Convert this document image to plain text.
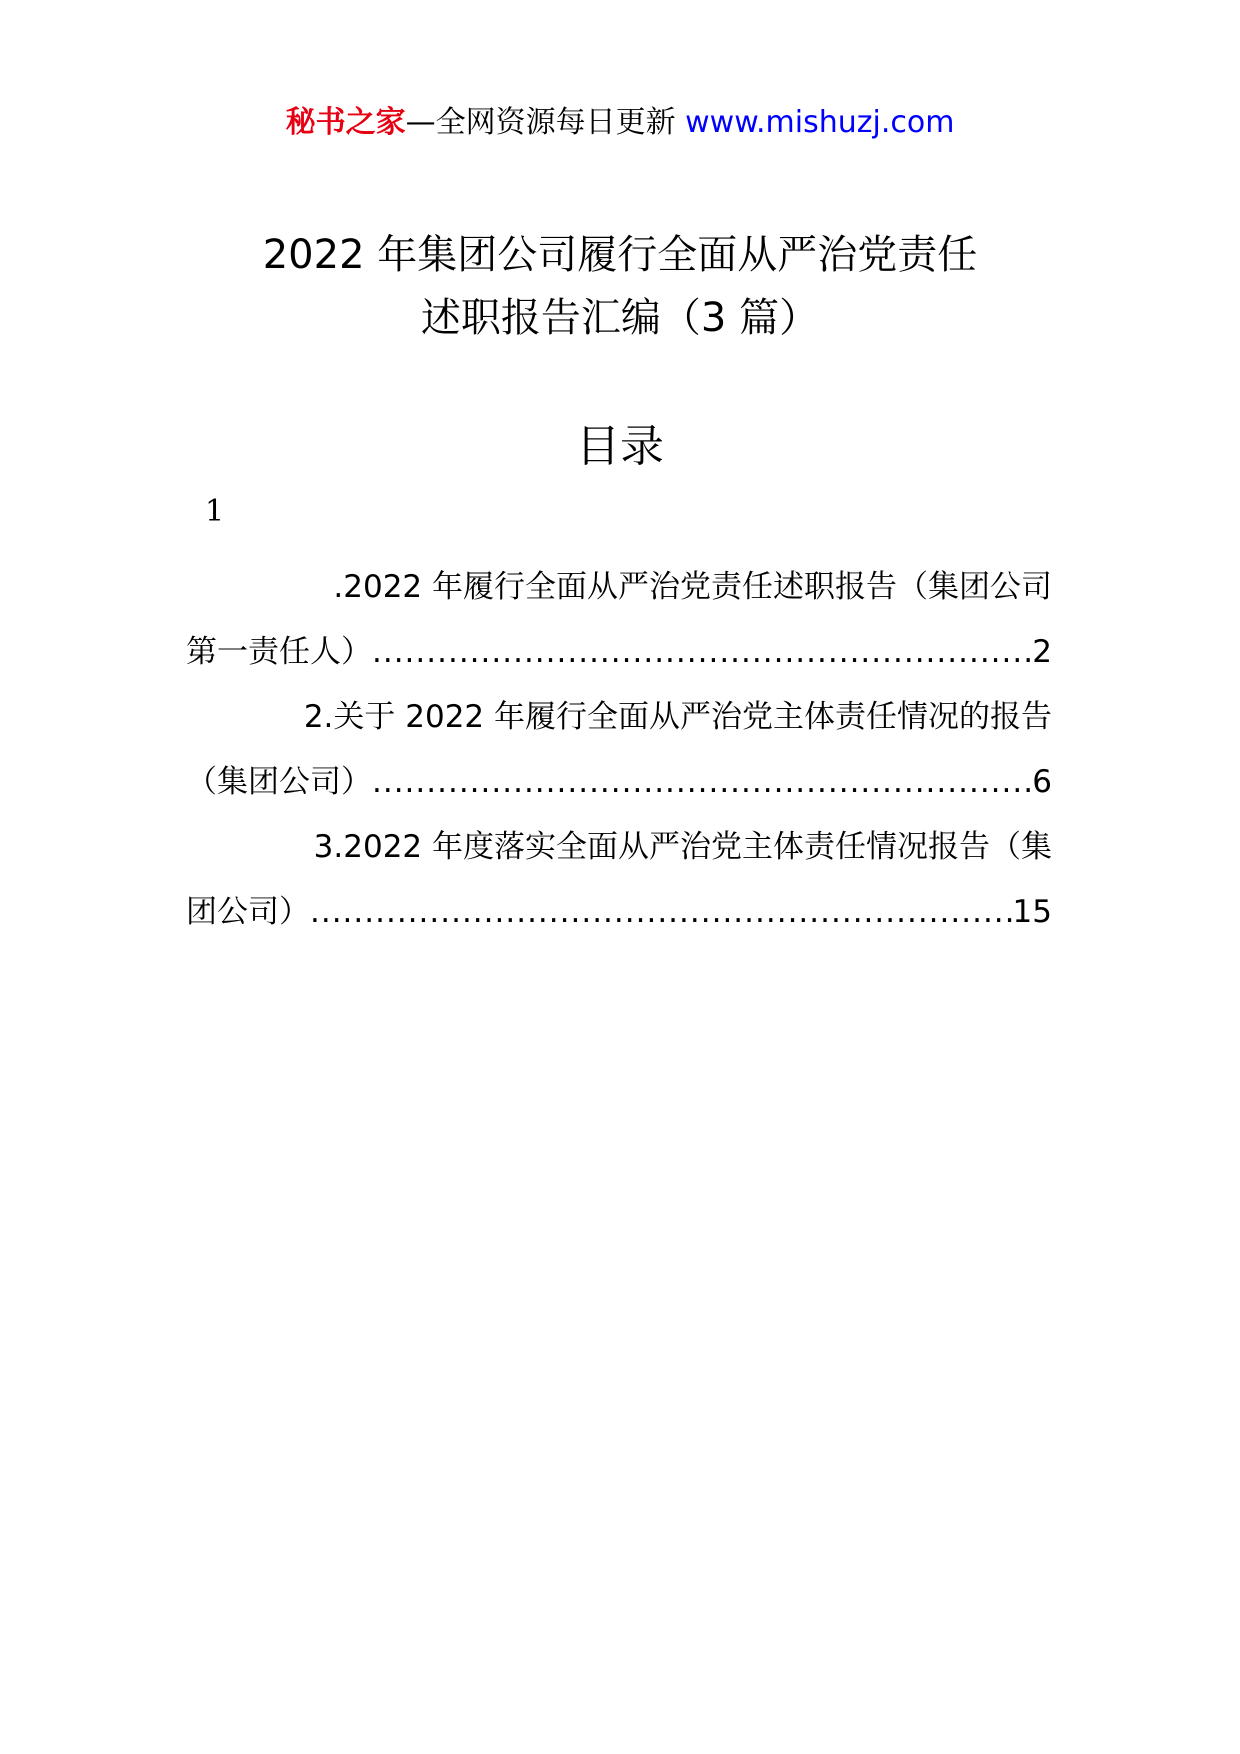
秘书之家—全网资源每日更新 www.mishuzj.com
2022 年集团公司履行全面从严治党责任
述职报告汇编（3 篇）
目录
1
.2022 年履行全面从严治党责任述职报告（集团公司
第一责任人） .....	2
2.关于 2022 年履行全面从严治党主体责任情况的报告
（集团公司） .....	6
3.2022 年度落实全面从严治党主体责任情况报告（集
团公司） .....	15
